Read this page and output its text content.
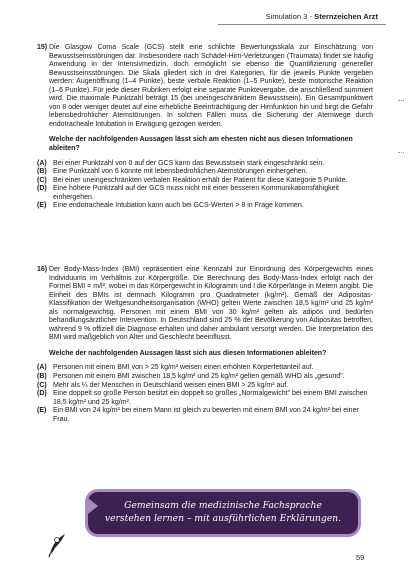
Simulation 3 - Sternzeichen Arzt
15) Die Glasgow Coma Scale (GCS) stellt eine schlichte Bewertungsskala zur Einschätzung von Bewusstseinsstörungen dar. Insbesondere nach Schädel-Hirn-Verletzungen (Traumata) findet sie häufig Anwendung in der Intensivmedizin, doch ermöglicht sie ebenso die Quantifizierung genereller Bewusstseinsstörungen. Die Skala gliedert sich in drei Kategorien, für die jeweils Punkte vergeben werden: Augenöffnung (1–4 Punkte), beste verbale Reaktion (1–5 Punkte), beste motorische Reaktion (1–6 Punkte). Für jede dieser Rubriken erfolgt eine separate Punktevergabe, die anschließend summiert wird. Die maximale Punktzahl beträgt 15 (bei uneingeschränktem Bewusstsein). Ein Gesamtpunktwert von 8 oder weniger deutet auf eine erhebliche Beeinträchtigung der Hirnfunktion hin und birgt die Gefahr lebensbedrohlicher Atemstörungen. In solchen Fällen muss die Sicherung der Atemwege durch endotracheale Intubation in Erwägung gezogen werden.
Welche der nachfolgenden Aussagen lässt sich am ehesten nicht aus diesen Informationen ableiten?
(A) Bei einer Punktzahl von 0 auf der GCS kann das Bewusstsein stark eingeschränkt sein.
(B) Eine Punktzahl von 6 könnte mit lebensbedrohlichen Atemstörungen einhergehen.
(C) Bei einer uneingeschränkten verbalen Reaktion erhält der Patient für diese Kategorie 5 Punkte.
(D) Eine höhere Punktzahl auf der GCS muss nicht mit einer besseren Kommunikationsfähigkeit einhergehen.
(E) Eine endotracheale Intubation kann auch bei GCS-Werten > 8 in Frage kommen.
16) Der Body-Mass-Index (BMI) repräsentiert eine Kennzahl zur Einordnung des Körpergewichts eines Individuums im Verhältnis zur Körpergröße. Die Berechnung des Body-Mass-Index erfolgt nach der Formel BMI = m/l², wobei m das Körpergewicht in Kilogramm und l die Körperlänge in Metern angibt. Die Einheit des BMIs ist demnach Kilogramm pro Quadratmeter (kg/m²). Gemäß der Adipositas-Klassifikation der Weltgesundheitsorganisation (WHO) gelten Werte zwischen 18,5 kg/m² und 25 kg/m² als normalgewichtig. Personen mit einem BMI von 30 kg/m² gelten als adipös und bedürfen behandlungsärztlicher Intervention. In Deutschland sind 25 % der Bevölkerung von Adipositas betroffen, während 9 % offiziell die Diagnose erhalten und daher ambulant versorgt werden. Die Interpretation des BMI wird maßgeblich von Alter und Geschlecht beeinflusst.
Welche der nachfolgenden Aussagen lässt sich aus diesen Informationen ableiten?
(A) Personen mit einem BMI von > 25 kg/m² weisen einen erhöhten Körperfettanteil auf.
(B) Personen mit einem BMI zwischen 18,5 kg/m² und 25 kg/m² gelten gemäß WHO als „gesund".
(C) Mehr als ¼ der Menschen in Deutschland weisen einen BMI > 25 kg/m² auf.
(D) Eine doppelt so große Person besitzt ein doppelt so großes „Normalgewicht" bei einem BMI zwischen 18,5 kg/m² und 25 kg/m².
(E) Ein BMI von 24 kg/m² bei einem Mann ist gleich zu bewerten mit einem BMI von 24 kg/m² bei einer Frau.
Gemeinsam die medizinische Fachsprache
verstehen lernen – mit ausführlichen Erklärungen.
59
